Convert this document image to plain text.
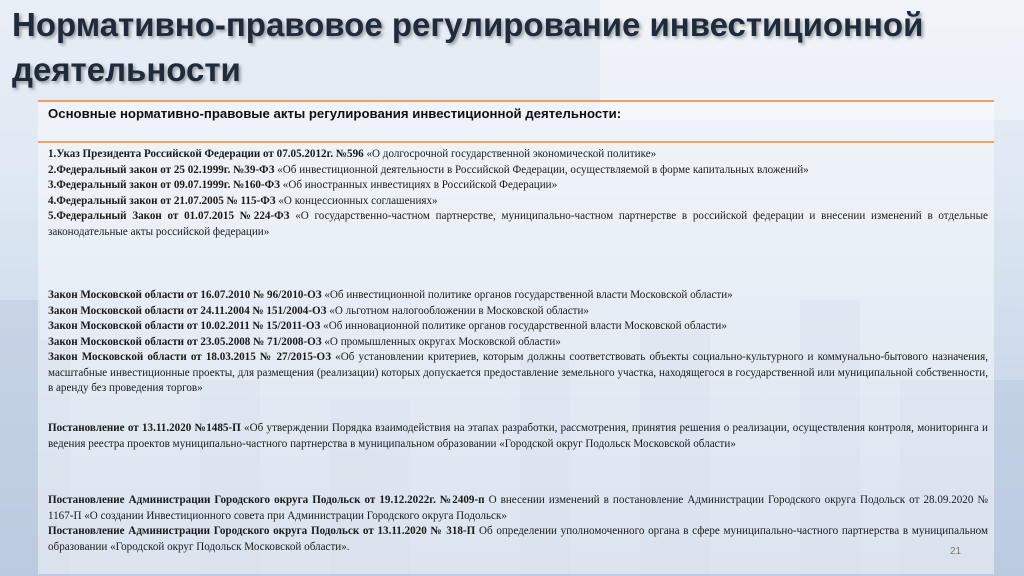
Нормативно-правовое регулирование инвестиционной деятельности
Основные нормативно-правовые акты регулирования инвестиционной деятельности:

1.Указ Президента Российской Федерации от 07.05.2012г. №596 «О долгосрочной государственной экономической политике»

2.Федеральный закон от 25 02.1999г. №39-ФЗ «Об инвестиционной деятельности в Российской Федерации, осуществляемой в форме капитальных вложений»

3.Федеральный закон от 09.07.1999г. №160-ФЗ «Об иностранных инвестициях в Российской Федерации»

4.Федеральный закон от 21.07.2005 № 115-ФЗ «О концессионных соглашениях»

5.Федеральный Закон от 01.07.2015 №224-ФЗ «О государственно-частном партнерстве, муниципально-частном партнерстве в российской федерации и внесении изменений в отдельные законодательные акты российской федерации»

Закон Московской области от 16.07.2010 № 96/2010-ОЗ «Об инвестиционной политике органов государственной власти Московской области»

Закон Московской области от 24.11.2004 № 151/2004-ОЗ «О льготном налогообложении в Московской области»

Закон Московской области от 10.02.2011 № 15/2011-ОЗ «Об инновационной политике органов государственной власти Московской области»

Закон Московской области от 23.05.2008 № 71/2008-ОЗ «О промышленных округах Московской области»

Закон Московской области от 18.03.2015 № 27/2015-ОЗ «Об установлении критериев, которым должны соответствовать объекты социально-культурного и коммунально-бытового назначения, масштабные инвестиционные проекты, для размещения (реализации) которых допускается предоставление земельного участка, находящегося в государственной или муниципальной собственности, в аренду без проведения торгов»

Постановление от 13.11.2020 №1485-П «Об утверждении Порядка взаимодействия на этапах разработки, рассмотрения, принятия решения о реализации, осуществления контроля, мониторинга и ведения реестра проектов муниципально-частного партнерства в муниципальном образовании «Городской округ Подольск Московской области»

Постановление Администрации Городского округа Подольск от 19.12.2022г. №2409-п О внесении изменений в постановление Администрации Городского округа Подольск от 28.09.2020 № 1167-П «О создании Инвестиционного совета при Администрации Городского округа Подольск»

Постановление Администрации Городского округа Подольск от 13.11.2020 № 318-П Об определении уполномоченного органа в сфере муниципально-частного партнерства в муниципальном образовании «Городской округ Подольск Московской области».	21
